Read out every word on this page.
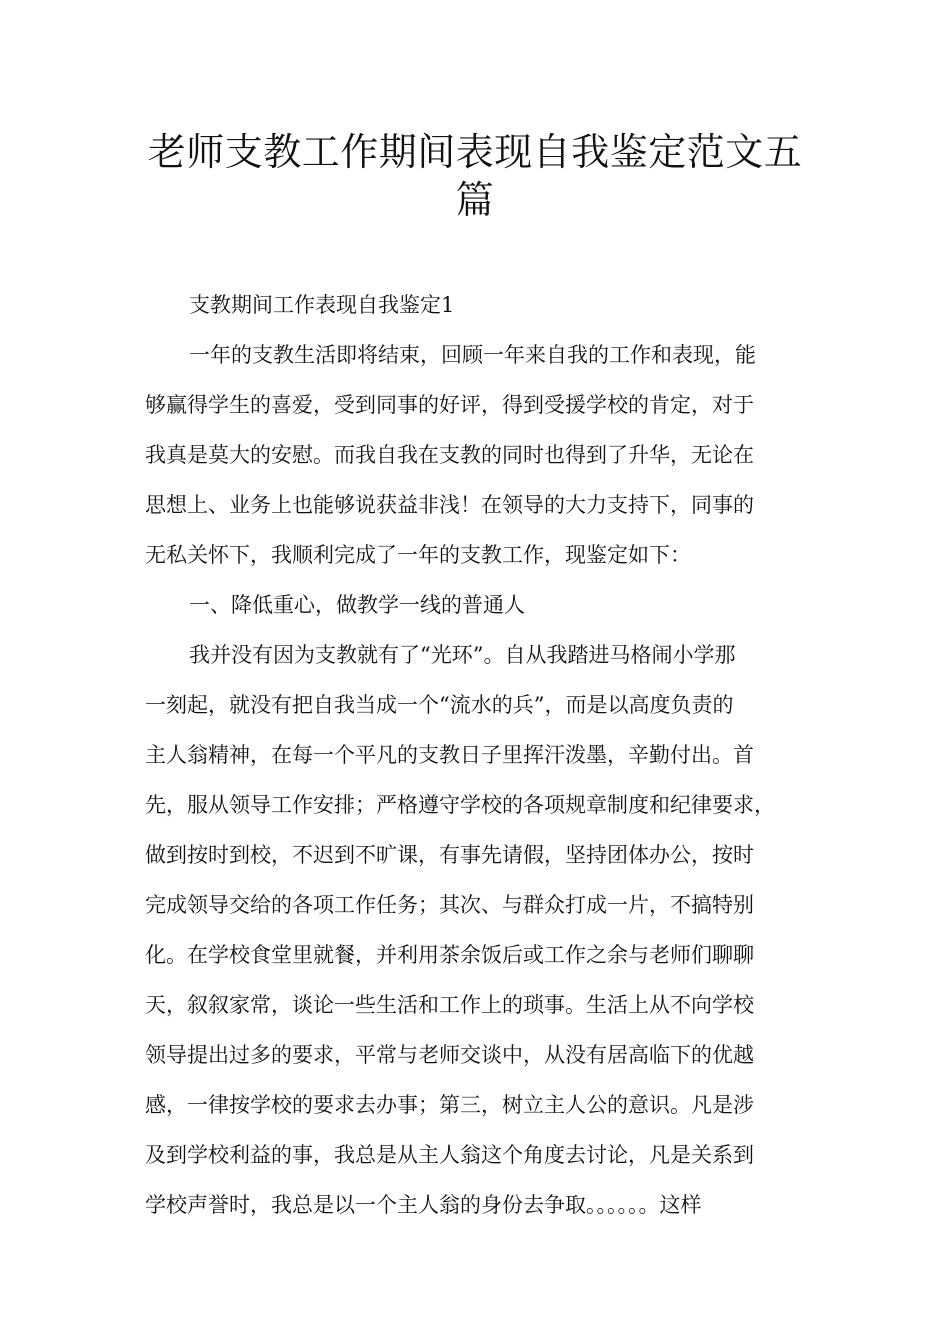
老师支教工作期间表现自我鉴定范文五
篇
支教期间工作表现自我鉴定1
一年的支教生活即将结束，回顾一年来自我的工作和表现，能
够赢得学生的喜爱，受到同事的好评，得到受援学校的肯定，对于
我真是莫大的安慰。而我自我在支教的同时也得到了升华，无论在
思想上、业务上也能够说获益非浅！在领导的大力支持下，同事的
无私关怀下，我顺利完成了一年的支教工作，现鉴定如下：
一、降低重心，做教学一线的普通人
我并没有因为支教就有了“光环”。自从我踏进马格闹小学那
一刻起，就没有把自我当成一个“流水的兵”，而是以高度负责的
主人翁精神，在每一个平凡的支教日子里挥汗泼墨，辛勤付出。首
先，服从领导工作安排；严格遵守学校的各项规章制度和纪律要求，
做到按时到校，不迟到不旷课，有事先请假，坚持团体办公，按时
完成领导交给的各项工作任务；其次、与群众打成一片，不搞特别
化。在学校食堂里就餐，并利用茶余饭后或工作之余与老师们聊聊
天，叙叙家常，谈论一些生活和工作上的琐事。生活上从不向学校
领导提出过多的要求，平常与老师交谈中，从没有居高临下的优越
感，一律按学校的要求去办事；第三，树立主人公的意识。凡是涉
及到学校利益的事，我总是从主人翁这个角度去讨论，凡是关系到
学校声誉时，我总是以一个主人翁的身份去争取。。。。。。这样
